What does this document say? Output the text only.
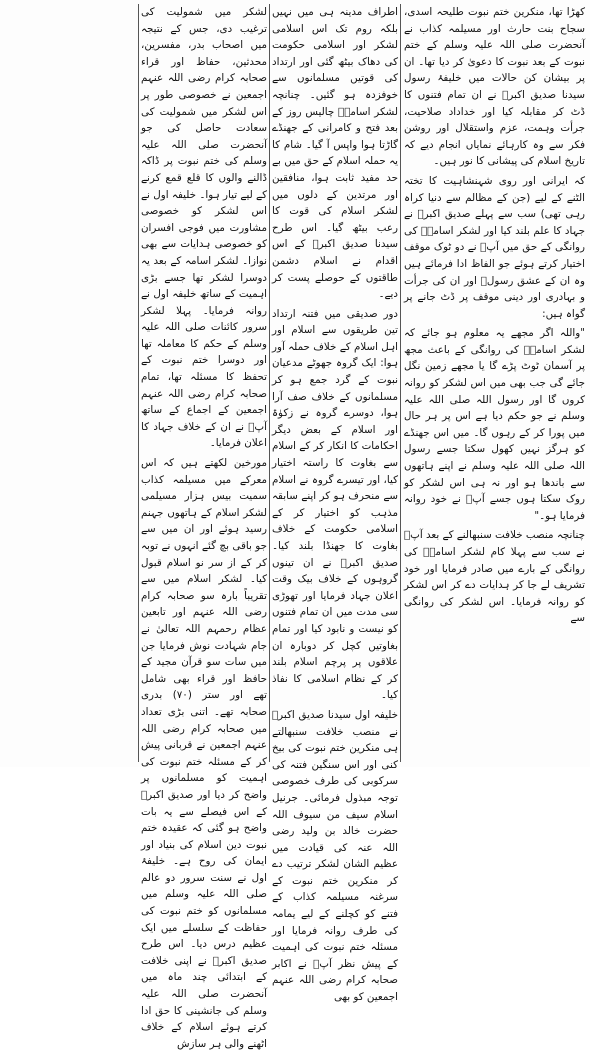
کھڑا تھا، منکرین ختم نبوت طلیحہ اسدی، سجاح بنت حارث اور مسیلمہ کذاب نے آنحضرت صلی اللہ علیہ وسلم کے ختم نبوت کے بعد نبوت کا دعویٰ کر دیا تھا۔ ان پر بیشان کن حالات میں خلیفۂ رسول سیدنا صدیق اکبرؓ نے ان تمام فتنوں کا ڈٹ کر مقابلہ کیا اور خداداد صلاحیت، جرأت وہمت، عزم واستقلال اور روشن فکر سے وہ کارہائے نمایاں انجام دیے کہ تاریخ اسلام کی پیشانی کا نور ہیں۔

کہ ایرانی اور روی شہنشاہیت کا تختہ الٹنے کے لیے (جن کے مظالم سے دنیا کراہ رہی تھی) سب سے پہلے صدیق اکبرؓ نے جہاد کا علم بلند کیا اور لشکر اسامہؓ کی روانگی کے حق میں آپؓ نے دو ٹوک موقف اختیار کرتے ہوئے جو الفاظ ادا فرمائے ہیں وہ ان کے عشق رسولؐ اور ان کی جرأت و بہادری اور دینی موقف پر ڈٹ جانے پر گواہ ہیں:

"واللہ اگر مجھے یہ معلوم ہو جائے کہ لشکر اسامہؓ کی روانگی کے باعث مجھ پر آسمان ٹوٹ پڑے گا یا مجھے زمین نگل جائے گی جب بھی میں اس لشکر کو روانہ کروں گا اور رسول اللہ صلی اللہ علیہ وسلم نے جو حکم دیا ہے اس پر ہر حال میں پورا کر کے رہوں گا۔ میں اس جھنڈے کو ہرگز نہیں کھول سکتا جسے رسول اللہ صلی اللہ علیہ وسلم نے اپنے ہاتھوں سے باندھا ہو اور نہ ہی اس لشکر کو روک سکتا ہوں جسے آپؐ نے خود روانہ فرمایا ہو۔"

چنانچہ منصب خلافت سنبھالنے کے بعد آپؓ نے سب سے پہلا کام لشکر اسامہؓ کی روانگی کے بارے میں صادر فرمایا اور خود تشریف لے جا کر ہدایات دے کر اس لشکر کو روانہ فرمایا۔ اس لشکر کی روانگی سے

اطراف مدینہ ہی میں نہیں بلکہ روم تک اس اسلامی لشکر اور اسلامی حکومت کی دھاک بیٹھ گئی اور ارتداد کی قوتیں مسلمانوں سے خوفزدہ ہو گئیں۔ چنانچہ لشکر اسامہؓ چالیس روز کے بعد فتح و کامرانی کے جھنڈے گاڑتا ہوا واپس آ گیا۔ شام کا یہ حملہ اسلام کے حق میں بے حد مفید ثابت ہوا، منافقین اور مرتدین کے دلوں میں لشکر اسلام کی قوت کا رعب بیٹھ گیا۔ اس طرح سیدنا صدیق اکبرؓ کے اس اقدام نے اسلام دشمن طاقتوں کے حوصلے پست کر دیے۔

دور صدیقی میں فتنہ ارتداد تین طریقوں سے اسلام اور اہل اسلام کے خلاف حملہ آور ہوا: ایک گروہ جھوٹے مدعیان نبوت کے گرد جمع ہو کر مسلمانوں کے خلاف صف آرا ہوا، دوسرے گروہ نے زکوٰۃ اور اسلام کے بعض دیگر احکامات کا انکار کر کے اسلام سے بغاوت کا راستہ اختیار کیا، اور تیسرے گروہ نے اسلام سے منحرف ہو کر اپنے سابقہ مذہب کو اختیار کر کے اسلامی حکومت کے خلاف بغاوت کا جھنڈا بلند کیا۔ صدیق اکبرؓ نے ان تینوں گروہوں کے خلاف بیک وقت اعلان جہاد فرمایا اور تھوڑی سی مدت میں ان تمام فتنوں کو نیست و نابود کیا اور تمام بغاوتیں کچل کر دوبارہ ان علاقوں پر پرچم اسلام بلند کر کے نظام اسلامی کا نفاذ کیا۔

خلیفہ اول سیدنا صدیق اکبرؓ نے منصب خلافت سنبھالتے ہی منکرین ختم نبوت کی بیخ کنی اور اس سنگین فتنہ کی سرکوبی کی طرف خصوصی توجہ مبذول فرمائی۔ جرنیل اسلام سیف من سیوف اللہ حضرت خالد بن ولید رضی اللہ عنہ کی قیادت میں عظیم الشان لشکر ترتیب دے کر منکرین ختم نبوت کے سرغنہ مسیلمہ کذاب کے فتنے کو کچلنے کے لیے یمامہ کی طرف روانہ فرمایا اور مسئلہ ختم نبوت کی اہمیت کے پیش نظر آپؓ نے اکابر صحابہ کرام رضی اللہ عنہم اجمعین کو بھی

لشکر میں شمولیت کی ترغیب دی، جس کے نتیجہ میں اصحاب بدر، مفسرین، محدثین، حفاظ اور قراء صحابہ کرام رضی اللہ عنہم اجمعین نے خصوصی طور پر اس لشکر میں شمولیت کی سعادت حاصل کی جو آنحضرت صلی اللہ علیہ وسلم کی ختم نبوت پر ڈاکہ ڈالنے والوں کا قلع قمع کرنے کے لیے تیار ہوا۔ خلیفہ اول نے اس لشکر کو خصوصی مشاورت میں فوجی افسران کو خصوصی ہدایات سے بھی نوازا۔ لشکر اسامہ کے بعد یہ دوسرا لشکر تھا جسے بڑی اہمیت کے ساتھ خلیفہ اول نے روانہ فرمایا۔ پہلا لشکر سرور کائنات صلی اللہ علیہ وسلم کے حکم کا معاملہ تھا اور دوسرا ختم نبوت کے تحفظ کا مسئلہ تھا، تمام صحابہ کرام رضی اللہ عنہم اجمعین کے اجماع کے ساتھ آپؓ نے ان کے خلاف جہاد کا اعلان فرمایا۔

مورخین لکھتے ہیں کہ اس معرکے میں مسیلمہ کذاب سمیت بیس ہزار مسیلمی لشکر اسلام کے ہاتھوں جہنم رسید ہوئے اور ان میں سے جو باقی بچ گئے انہوں نے توبہ کر کے از سر نو اسلام قبول کیا۔ لشکر اسلام میں سے تقریباً بارہ سو صحابہ کرام رضی اللہ عنہم اور تابعین عظام رحمہم اللہ تعالیٰ نے جام شہادت نوش فرمایا جن میں سات سو قرآن مجید کے حافظ اور قراء بھی شامل تھے اور ستر (۷۰) بدری صحابہ تھے۔ اتنی بڑی تعداد میں صحابہ کرام رضی اللہ عنہم اجمعین نے قربانی پیش کر کے مسئلہ ختم نبوت کی اہمیت کو مسلمانوں پر واضح کر دیا اور صدیق اکبرؓ کے اس فیصلے سے یہ بات واضح ہو گئی کہ عقیدہ ختم نبوت دین اسلام کی بنیاد اور ایمان کی روح ہے۔ خلیفۂ اول نے سنت سرور دو عالم صلی اللہ علیہ وسلم میں مسلمانوں کو ختم نبوت کی حفاظت کے سلسلے میں ایک عظیم درس دیا۔ اس طرح صدیق اکبرؓ نے اپنی خلافت کے ابتدائی چند ماہ میں آنحضرت صلی اللہ علیہ وسلم کی جانشینی کا حق ادا کرتے ہوئے اسلام کے خلاف اٹھنے والی ہر سازش
